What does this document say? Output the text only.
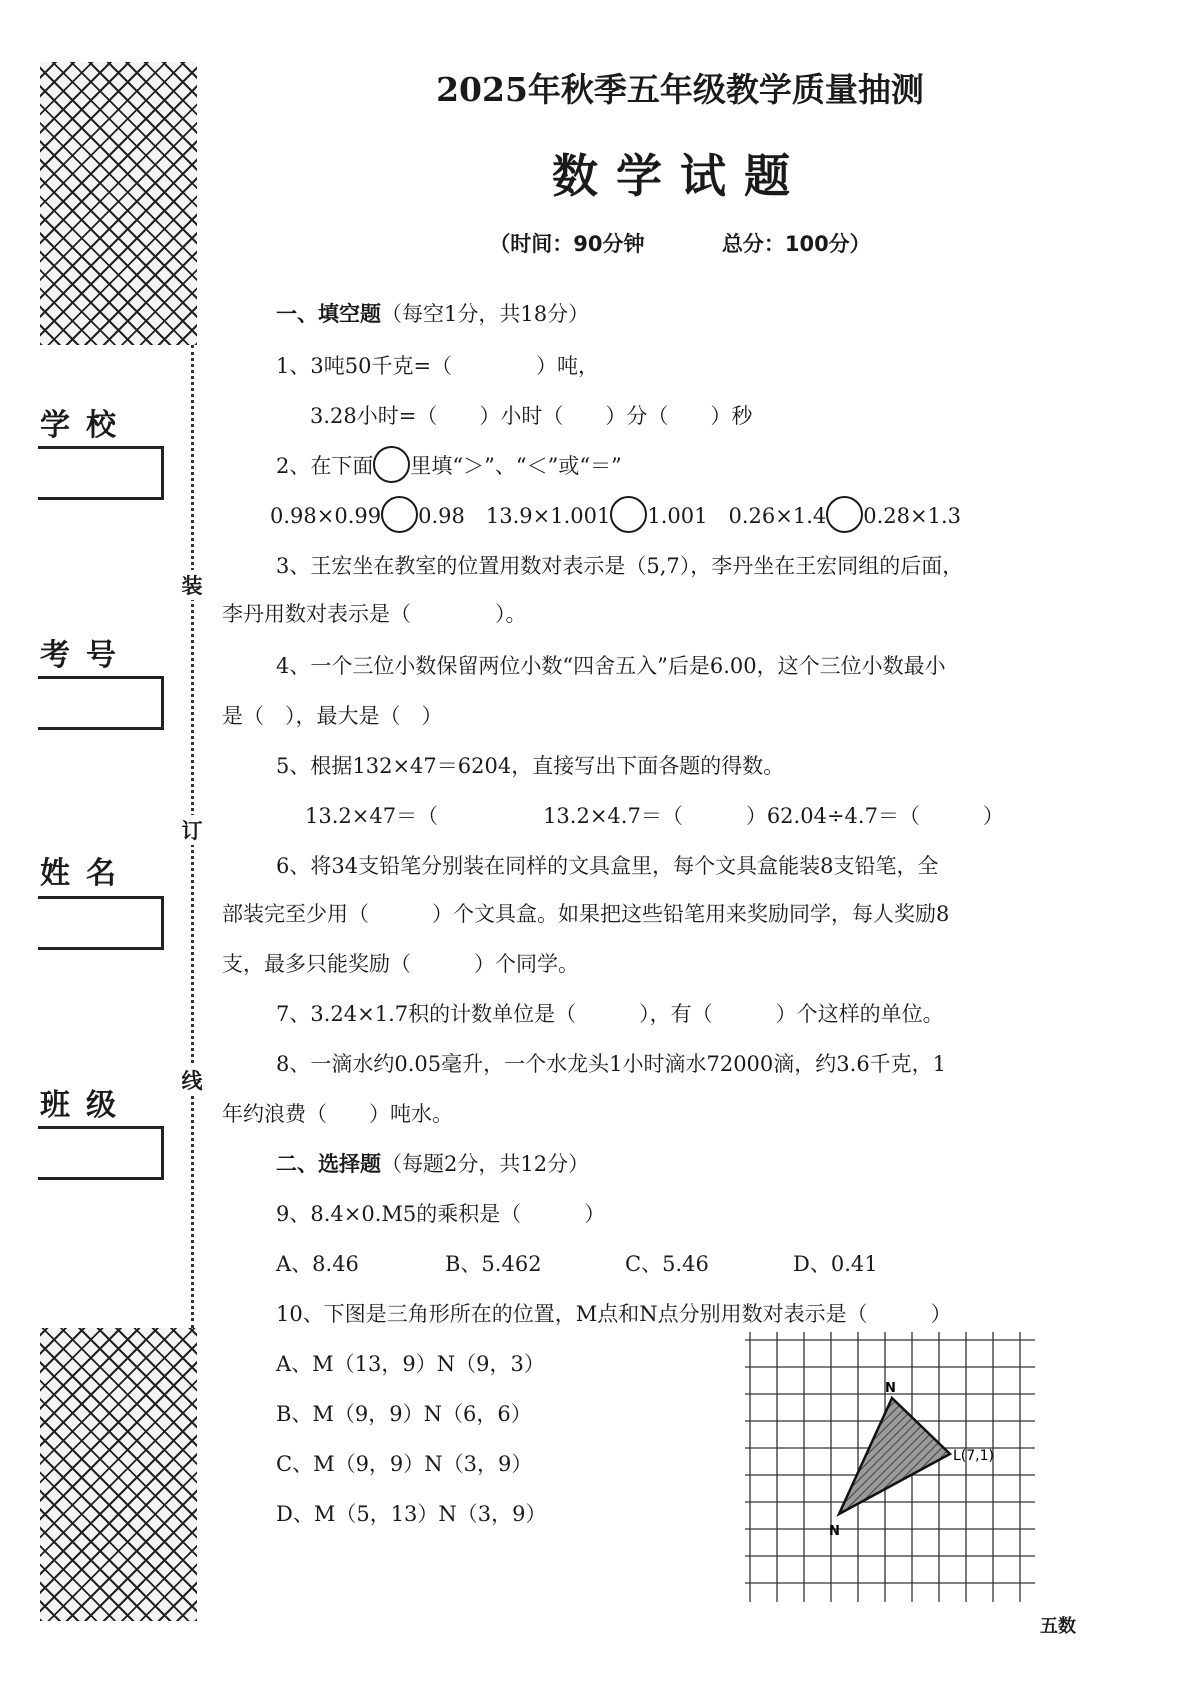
装
订
线
学校
考号
姓名
班级
2025年秋季五年级教学质量抽测
数学试题
（时间：90分钟	总分：100分）
一、填空题（每空1分，共18分）
1、3吨50千克=（　　　　）吨，
3.28小时=（　　）小时（　　）分（　　）秒
2、在下面 里填“＞”、“＜”或“＝”
0.98×0.99 0.98　13.9×1.001 1.001　0.26×1.4 0.28×1.3
3、王宏坐在教室的位置用数对表示是（5,7），李丹坐在王宏同组的后面，
李丹用数对表示是（　　　　）。
4、一个三位小数保留两位小数“四舍五入”后是6.00，这个三位小数最小
是（　），最大是（　）
5、根据132×47＝6204，直接写出下面各题的得数。
13.2×47＝（　　　　　13.2×4.7＝（　　　）62.04÷4.7＝（　　　）
6、将34支铅笔分别装在同样的文具盒里，每个文具盒能装8支铅笔，全
部装完至少用（　　　）个文具盒。如果把这些铅笔用来奖励同学，每人奖励8
支，最多只能奖励（　　　）个同学。
7、3.24×1.7积的计数单位是（　　　），有（　　　）个这样的单位。
8、一滴水约0.05毫升，一个水龙头1小时滴水72000滴，约3.6千克，1
年约浪费（　　）吨水。
二、选择题（每题2分，共12分）
9、8.4×0.M5的乘积是（　　　）
A、8.46	B、5.462	C、5.46	D、0.41
10、下图是三角形所在的位置，M点和N点分别用数对表示是（　　　）
A、M（13，9）N（9，3）
B、M（9，9）N（6，6）
C、M（9，9）N（3，9）
D、M（5，13）N（3，9）
N
L(7,1)
N
五数
